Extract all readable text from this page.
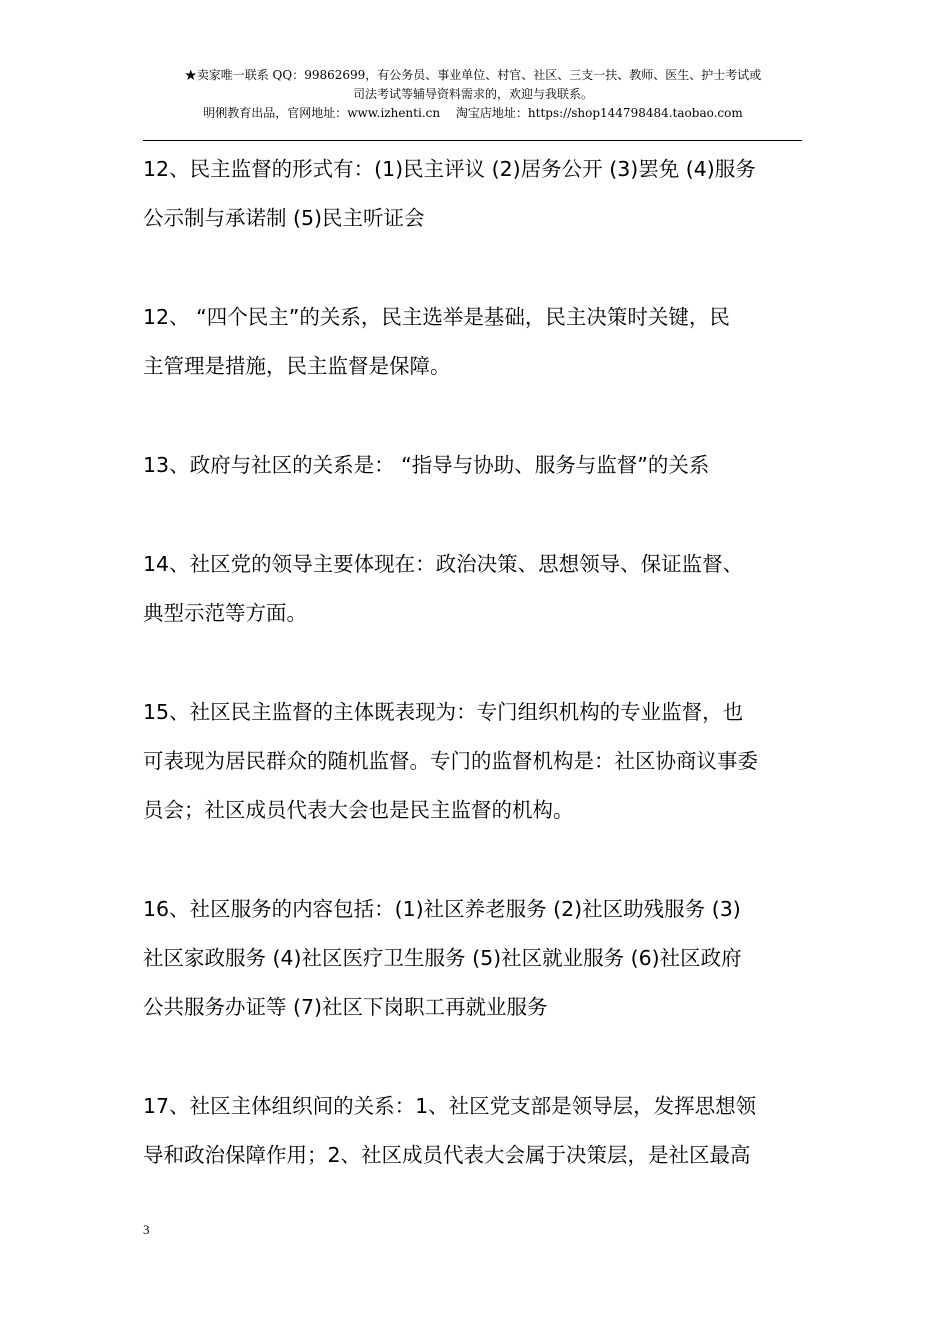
★卖家唯一联系 QQ：99862699，有公务员、事业单位、村官、社区、三支一扶、教师、医生、护士考试或
司法考试等辅导资料需求的，欢迎与我联系。
明俐教育出品，官网地址：www.izhenti.cn　 淘宝店地址：https://shop144798484.taobao.com
12、民主监督的形式有：(1)民主评议 (2)居务公开 (3)罢免 (4)服务
公示制与承诺制 (5)民主听证会
12、 “四个民主”的关系，民主选举是基础，民主决策时关键，民
主管理是措施，民主监督是保障。
13、政府与社区的关系是： “指导与协助、服务与监督”的关系
14、社区党的领导主要体现在：政治决策、思想领导、保证监督、
典型示范等方面。
15、社区民主监督的主体既表现为：专门组织机构的专业监督，也
可表现为居民群众的随机监督。专门的监督机构是：社区协商议事委
员会；社区成员代表大会也是民主监督的机构。
16、社区服务的内容包括：(1)社区养老服务 (2)社区助残服务 (3)
社区家政服务 (4)社区医疗卫生服务 (5)社区就业服务 (6)社区政府
公共服务办证等 (7)社区下岗职工再就业服务
17、社区主体组织间的关系：1、社区党支部是领导层，发挥思想领
导和政治保障作用；2、社区成员代表大会属于决策层，是社区最高
3
